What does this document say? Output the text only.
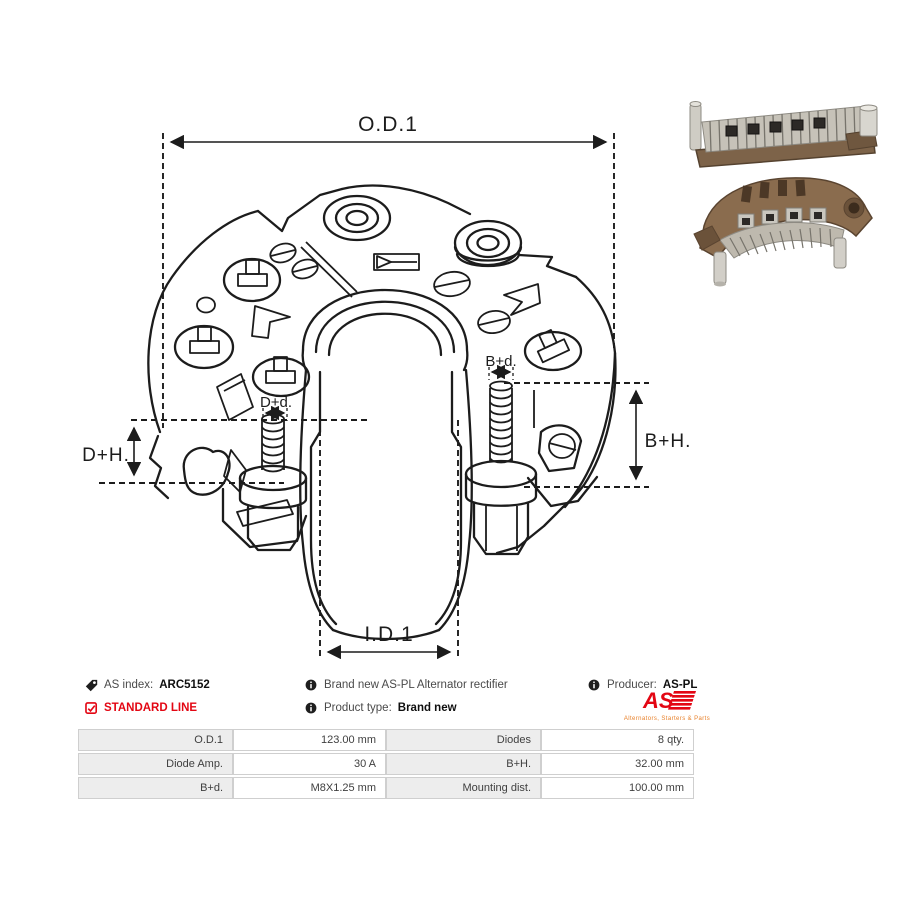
O.D.1
I.D.1
D+H.
B+H.
D+d.
B+d.
AS index: ARC5152
STANDARD LINE
Brand new AS-PL Alternator rectifier
Product type: Brand new
Producer: AS-PL
AS
Alternators, Starters & Parts
O.D.1	123.00 mm	Diodes	8 qty.
Diode Amp.	30 A	B+H.	32.00 mm
B+d.	M8X1.25 mm	Mounting dist.	100.00 mm
